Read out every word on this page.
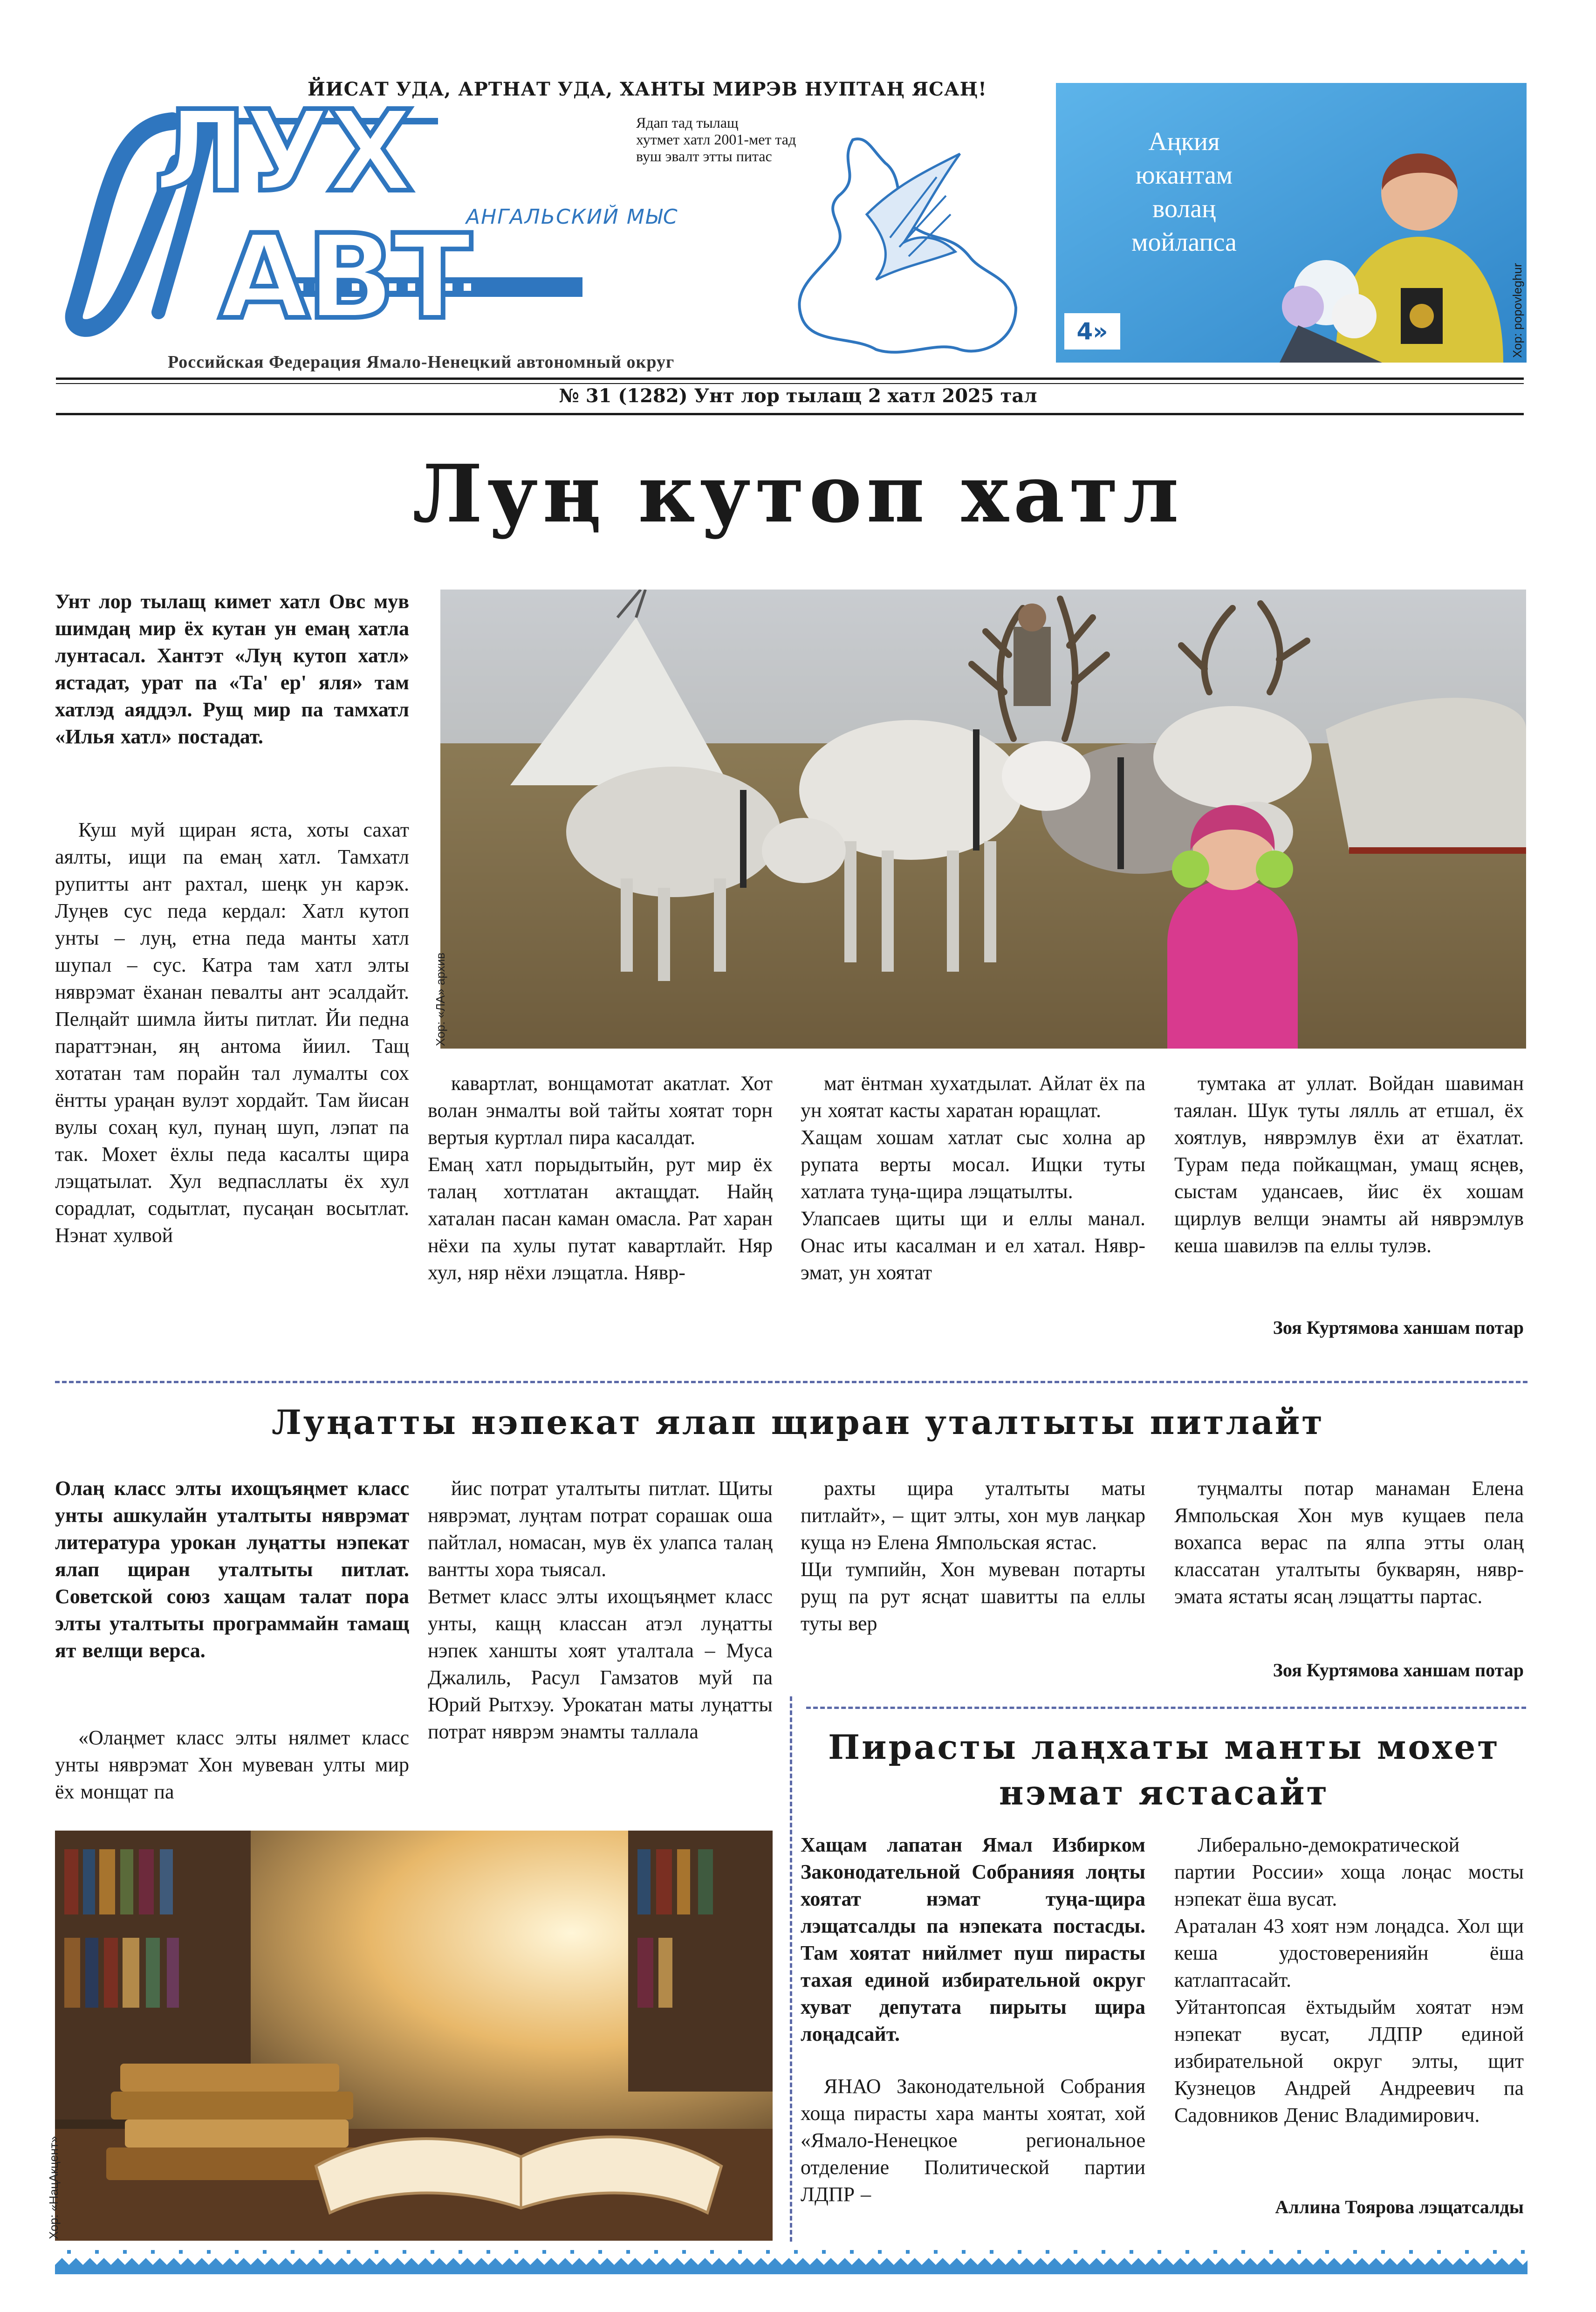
ЙИСАТ УДА, АРТНАТ УДА, ХАНТЫ МИРЭВ НУПТАҢ ЯСАҢ!
ЛУХ
АВТ
АНГАЛЬСКИЙ МЫС
Ядап тад тылащ
хутмет хатл 2001-мет тад
вуш эвалт этты питас	Аңкия
юкантам
волаң
мойлапса
4»	Хор: popovleghur
Российская Федерация Ямало-Ненецкий автономный округ
№ 31 (1282) Унт лор тылащ 2 хатл 2025 тал
Луң кутоп хатл
Хор: «ЛА» архив

Унт лор тылащ кимет хатл Овс мув шимдаң мир ёх кутан ун емаң хатла лунтасал. Хантэт «Луң кутоп хатл» ястадат, урат па «Та' ер' яля» там хатлэд аяддэл. Рущ мир па тамхатл «Илья хатл» постадат.

Куш муй щиран яста, хоты сахат аялты, ищи па емаң хатл. Тамхатл рупитты ант рахтал, шеңк ун карэк. Луңев сус педа кердал: Хатл кутоп унты – луң, етна педа манты хатл шупал – сус. Катра там хатл элты няврэмат ёханан певалты ант эсалдайт. Пелңайт шимла йиты питлат. Йи педна параттэнан, яң антома йиил. Тащ хотатан там порайн тал лумалты сох ёнтты урaңан вулэт хордайт. Там йисан вулы сохаң кул, пунаң шуп, лэпат па так. Мохет ёхлы педа касалты щира лэщатылат. Хул ведпасллаты ёх хул сорадлат, содытлат, пусаңан восытлат. Нэнат хулвой

кавартлат, вонщамотат акатлат. Хот волан энмалты вой тайты хоятат торн вертыя куртлал пира касалдат.
Емаң хатл порыдытыйн, рут мир ёх талаң хоттлатан актащдат. Найң хаталан пасан каман омасла. Рат харан нёхи па хулы путат кавартлайт. Няр хул, няр нёхи лэщатла. Нявр-

мат ёнтман хухатдылат. Айлат ёх па ун хоятат касты харатан юращлат.
Хащам хошам хатлат сыс холна ар рупата верты мосал. Ищки туты хатлата туңа-щира лэщатылты.
Улапсаев щиты щи и еллы манал. Онас иты касалман и ел хатал. Няврэмат, ун хоятат

тумтака ат уллат. Войдан шавиман таялан. Шук туты лялль ат етшал, ёх хоятлув, няврэмлув ёхи ат ёхатлат. Турам педа пойкащман, умащ ясңев, сыстам удансаев, йис ёх хошам щирлув велщи энамты ай няврэмлув кеша шавилэв па еллы тулэв.

Зоя Куртямова ханшам потар
Луңатты нэпекат ялап щиран уталтыты питлайт

Олаң класс элты ихощъяңмет класс унты ашкулайн уталтыты няврэмат литература урокан луңатты нэпекат ялап щиран уталтыты питлат. Советской союз хащам талат пора элты уталтыты программайн тамащ ят велщи верса.

«Олаңмет класс элты нялмет класс унты няврэмат Хон мувеван улты мир ёх монщат па

йис потрат уталтыты питлат. Щиты няврэмат, луңтам потрат сорашак оша пайтлал, номасан, мув ёх улапса талаң вантты хора тыясал.
Ветмет класс элты ихощъяңмет класс унты, кащң классан атэл луңатты нэпек ханшты хоят уталтала – Муса Джалиль, Расул Гамзатов муй па Юрий Рытхэу. Урокатан маты луңатты потрат няврэм энамты таллала

рахты щира уталтыты маты питлайт», – щит элты, хон мув лаңкар куща нэ Елена Ямпольская ястас.
Щи тумпийн, Хон мувеван потарты рущ па рут ясңат шавитты па еллы туты вер

туңмалты потар манаман Елена Ямпольская Хон мув кущаев пела вохапса верас па ялпа этты олаң классатан уталтыты букварян, няврэмата ястаты ясаң лэщатты партас.

Зоя Куртямова ханшам потар
Хор: «НацАкцент»
Пирасты лаңхаты манты мохет
нэмат ястасайт

Хащам лапатан Ямал Избирком Законодательной Собранияя лоңты хоятат нэмат туңа-щира лэщатсалды па нэпеката постасды. Там хоятат нийлмет пуш пирасты тахая единой избирательной округ хуват депутата пирыты щира лоңадсайт.

ЯНАО Законодательной Собрания хоща пирасты хара манты хоятат, хой «Ямало-Ненецкое региональное отделение Политической партии ЛДПР –

Либерально-демократической партии России» хоща лоңас мосты нэпекат ёша вусат.
Араталан 43 хоят нэм лоңадса. Хол щи кеша удостоверенияйн ёша катлаптасайт.
Уйтантопсая ёхтыдыйм хоятат нэм нэпекат вусат, ЛДПР единой избирательной округ элты, щит Кузнецов Андрей Андреевич па Садовников Денис Владимирович.

Аллина Тоярова лэщатсалды
